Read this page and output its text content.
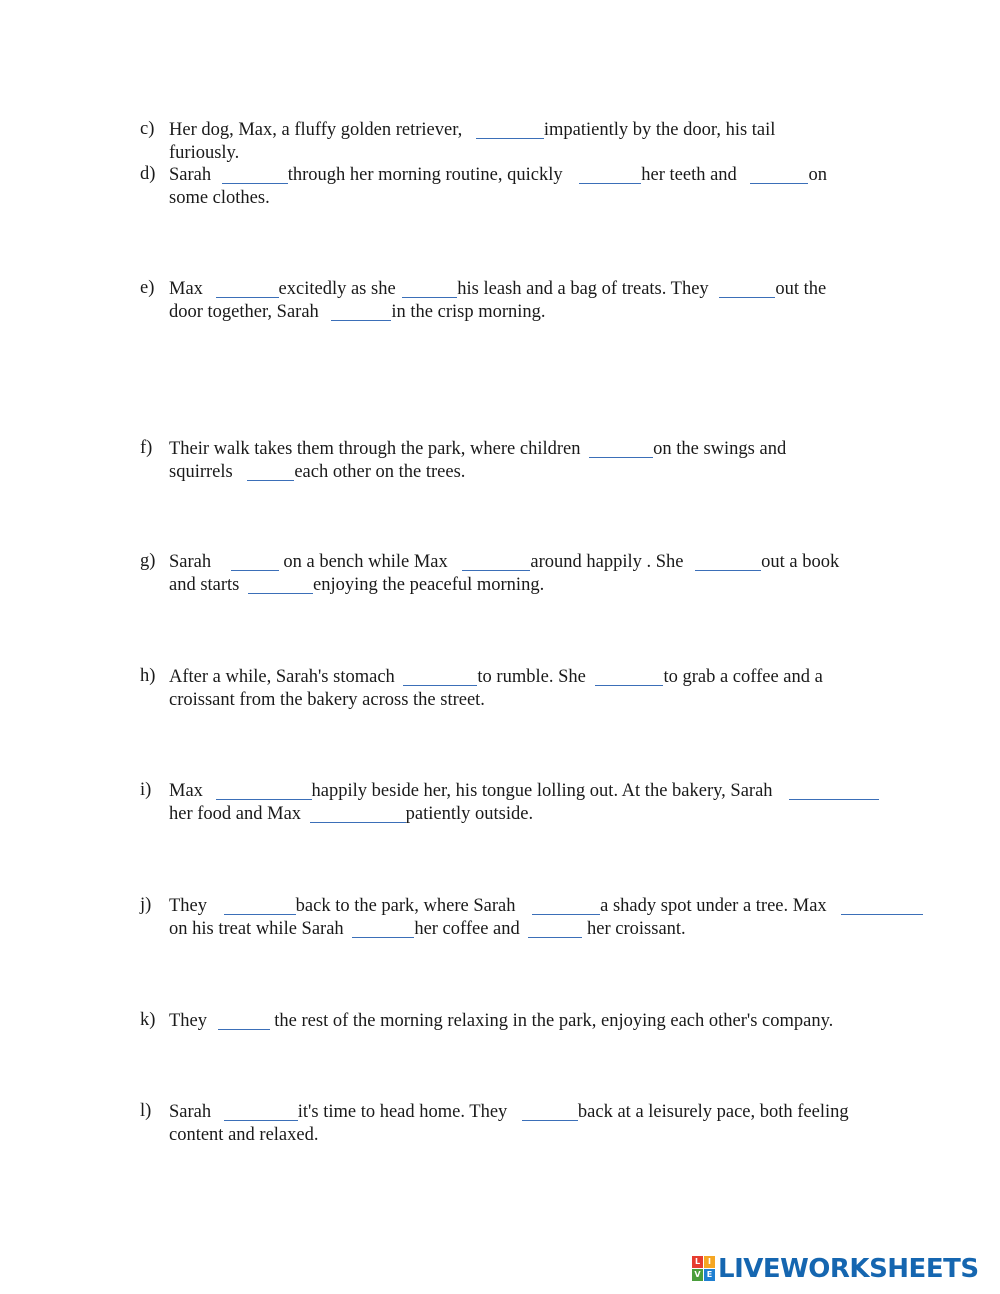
c) Her dog, Max, a fluffy golden retriever,	impatiently by the door, his tail
furiously.
d) Sarah	through her morning routine, quickly	her teeth and	on
some clothes.
e) Max	excitedly as she	his leash and a bag of treats. They	out the
door together, Sarah	in the crisp morning.
f) Their walk takes them through the park, where children	on the swings and
squirrels	each other on the trees.
g) Sarah	on a bench while Max	around happily . She	out a book
and starts	enjoying the peaceful morning.
h) After a while, Sarah's stomach	to rumble. She	to grab a coffee and a
croissant from the bakery across the street.
i) Max	happily beside her, his tongue lolling out. At the bakery, Sarah
her food and Max	patiently outside.
j) They	back to the park, where Sarah	a shady spot under a tree. Max
on his treat while Sarah	her coffee and	her croissant.
k) They	the rest of the morning relaxing in the park, enjoying each other's company.
l) Sarah	it's time to head home. They	back at a leisurely pace, both feeling
content and relaxed.
L I
V E LIVEWORKSHEETS
